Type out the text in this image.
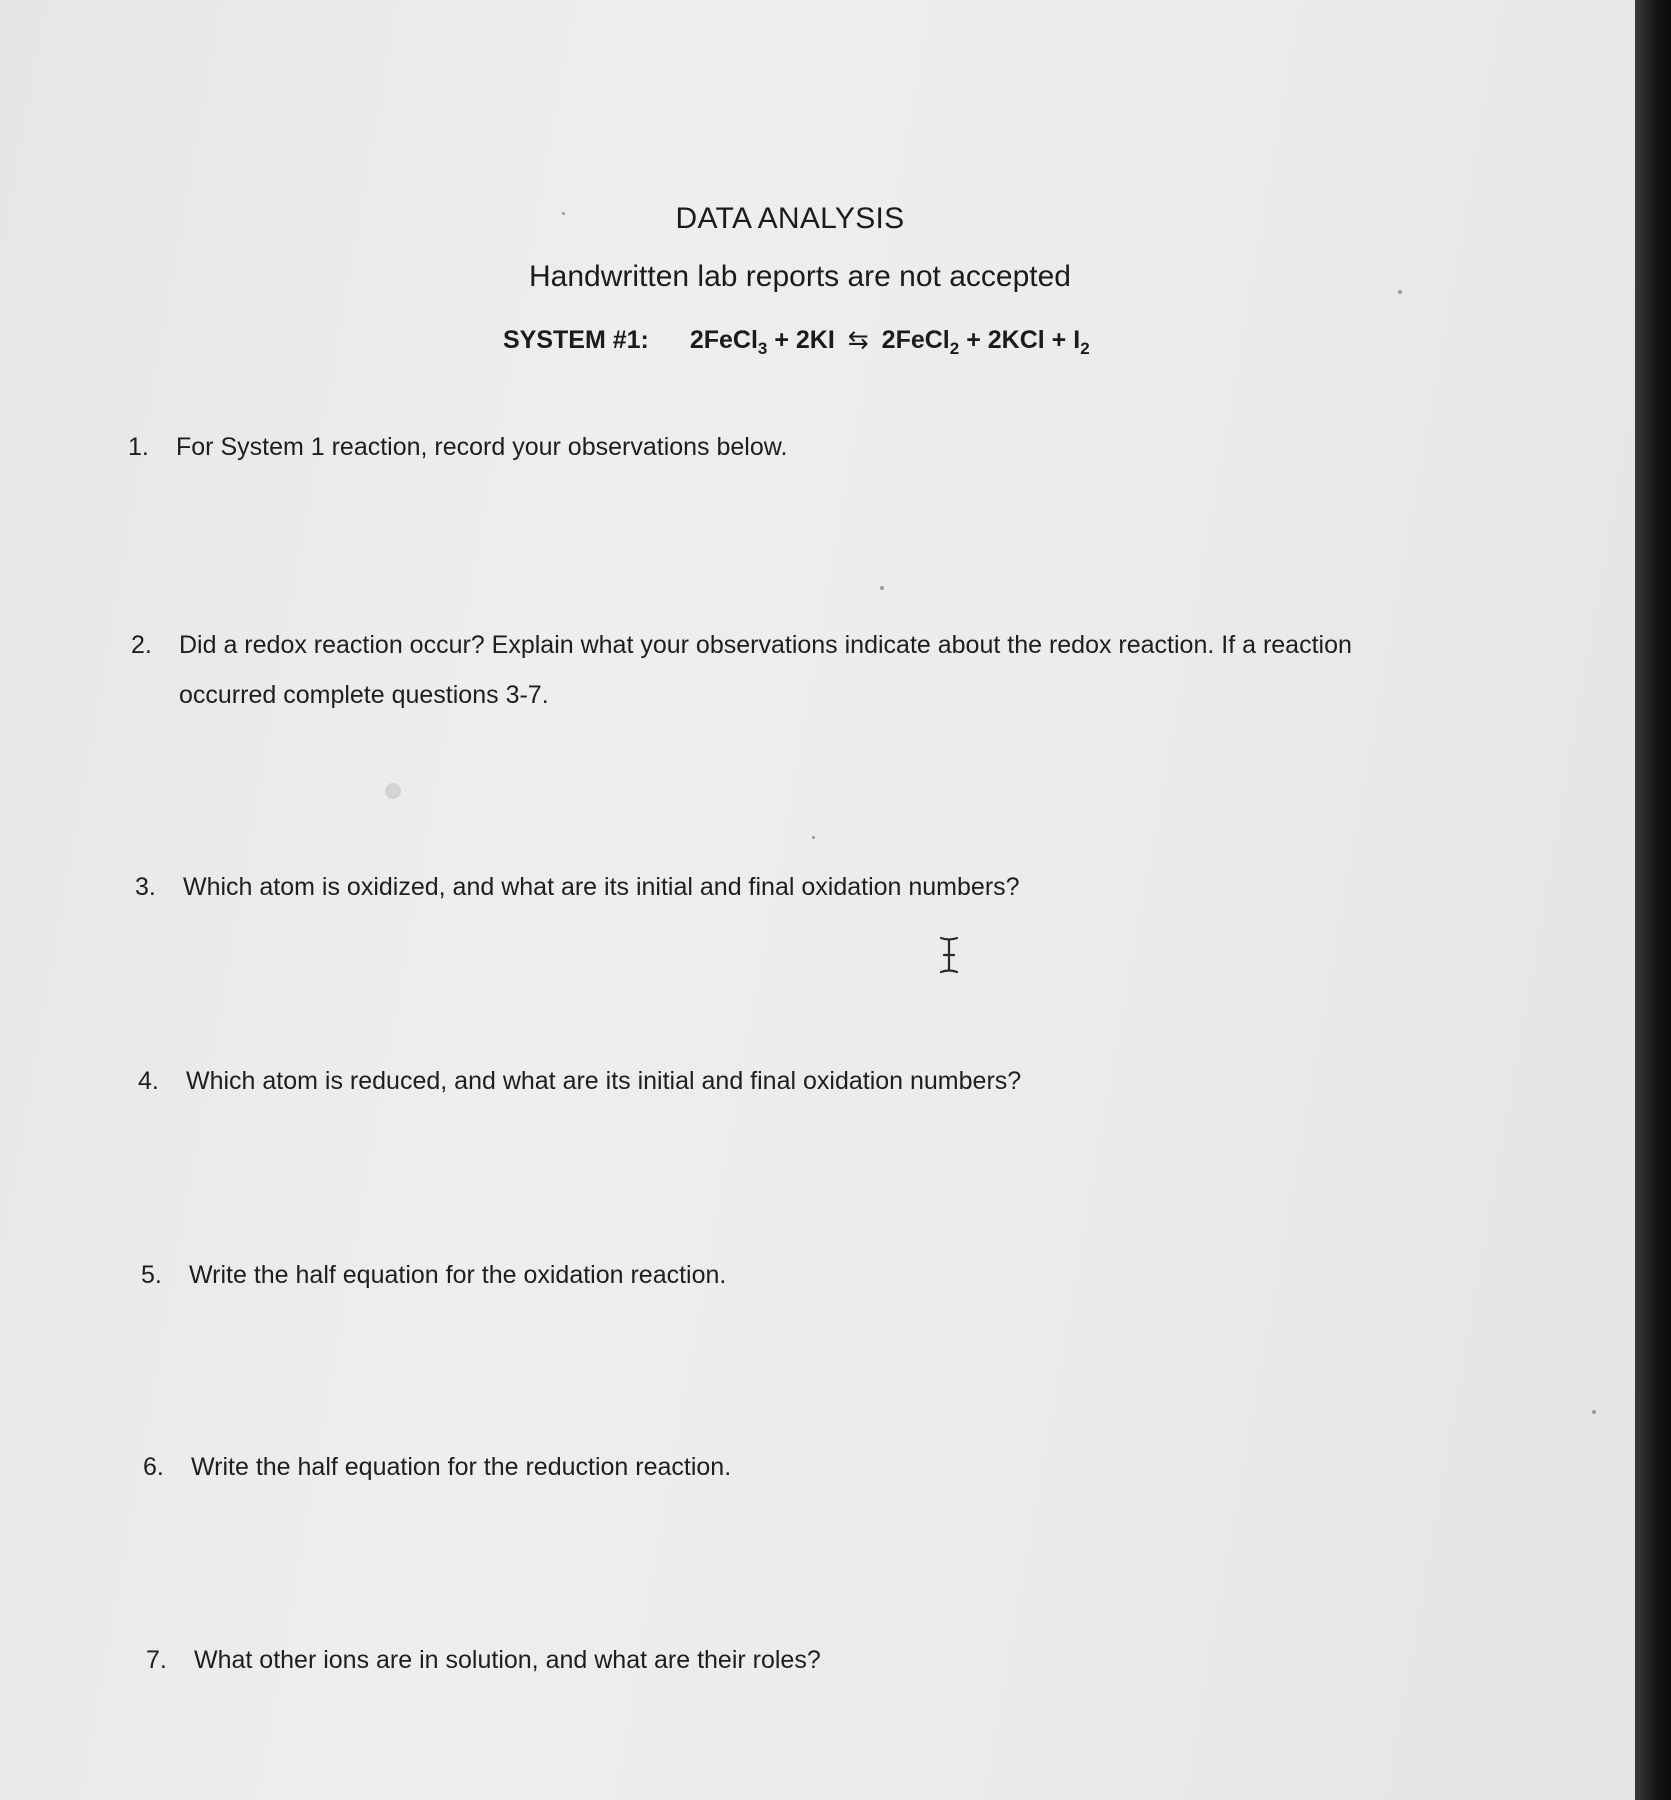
DATA ANALYSIS
Handwritten lab reports are not accepted
SYSTEM #1: 2FeCl$_3$ + 2KI ⇆ 2FeCl$_2$ + $2KCl + I_2$
1. For System 1 reaction, record your observations below.
2. Did a redox reaction occur? Explain what your observations indicate about the redox reaction. If a reaction
occurred complete questions 3-7.
3. Which atom is oxidized, and what are its initial and final oxidation numbers?
4. Which atom is reduced, and what are its initial and final oxidation numbers?
5. Write the half equation for the oxidation reaction.
6. Write the half equation for the reduction reaction.
7. What other ions are in solution, and what are their roles?
